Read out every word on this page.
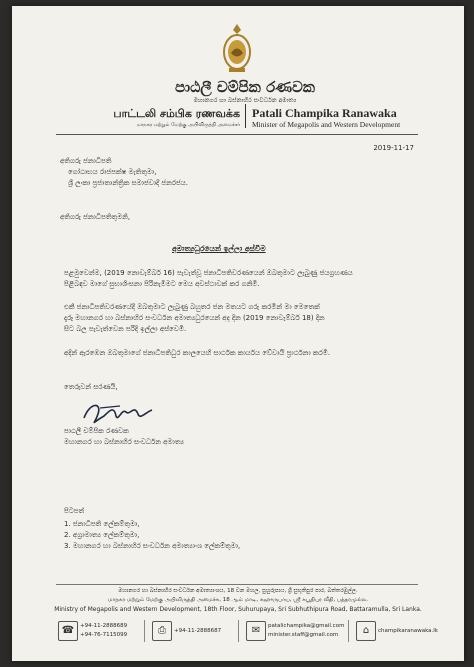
පාඨලී චම්පික රණවක
මහානගර හා බස්නාහිර සංවර්ධන අමාත්‍ය
பாட்டலி சம்பிக ரணவக்க
மாநகர மற்றும் மேற்கு அபிவிருத்தி அமைச்சர்
Patali Champika Ranawaka
Minister of Megapolis and Western Development
2019-11-17
අතිගරු ජනාධිපති
ගෝඨාභය රාජපක්ෂ මැතිතුමා,
ශ්‍රී ලංකා ප්‍රජාතාන්ත්‍රික සමාජවාදී ජනරජය.
අතිගරු ජනාධිපතිතුමනි,
අමාත්‍යධුරයෙන් ඉල්ලා අස්වීම
පළමුවෙන්ම, (2019 නොවැම්බර් 16) පැවැත්වූ ජනාධිපතිවරණයෙන් ඔබතුමාට ලැබුණු ජයග්‍රහණය
පිළිබඳව මාගේ සුභාශිංසනා පිරිනැමීමට මෙය අවස්ථාවක් කර ගනිමි.
එකී ජනාධිපතිවරණයේදී ඔබතුමාට ලැබුණු බහුතර ජන මතයට ගරු කරමින් මා මෙතෙක්
දැරූ මහානගර හා බස්නාහිර සංවර්ධන අමාත්‍යධුරයෙන් අද දින (2019 නොවැම්බර් 18) දින
සිට බල පැවැත්වෙන පරිදි ඉල්ලා අස්වෙමි.
අදින් ඇරඹෙන ඔබතුමාගේ ජනාධිපතිධුර කාලයෙහි සාර්ථක කාර්යය වේවායි ප්‍රාර්ථනා කරමි.
තෙරුවන් සරණයි,
පාඨලී චම්පික රණවක
මහානගර හා බස්නාහිර සංවර්ධන අමාත්‍ය
පිටපත්
1. ජනාධිපති ලේකම්තුමා,
2. අග්‍රාමාත්‍ය ලේකම්තුමා,
3. මහානගර හා බස්නාහිර සංවර්ධන අමාත්‍යාංශ ලේකම්තුමා,
මහානගර හා බස්නාහිර සංවර්ධන අමාත්‍යාංශය, 18 වන මහල, සුහුරුපාය, ශ්‍රී සුභූතිපුර පාර, බත්තරමුල්ල.
மாநகர மற்றும் மேற்கு அபிவிருத்தி அமைச்சு, 18 ஆம் மாடி, சுஹுருபாய, ஸ்ரீ சுபூதிபுர வீதி, பத்தரமுல்ல.
Ministry of Megapolis and Western Development, 18th Floor, Suhurupaya, Sri Subhuthipura Road, Battaramulla, Sri Lanka.
☎	+94-11-2888689
+94-76-7115099	⎙	+94-11-2888687	✉	patalichampika@gmail.com
minister.staff@gmail.com	⌂	champikaranawaka.lk
